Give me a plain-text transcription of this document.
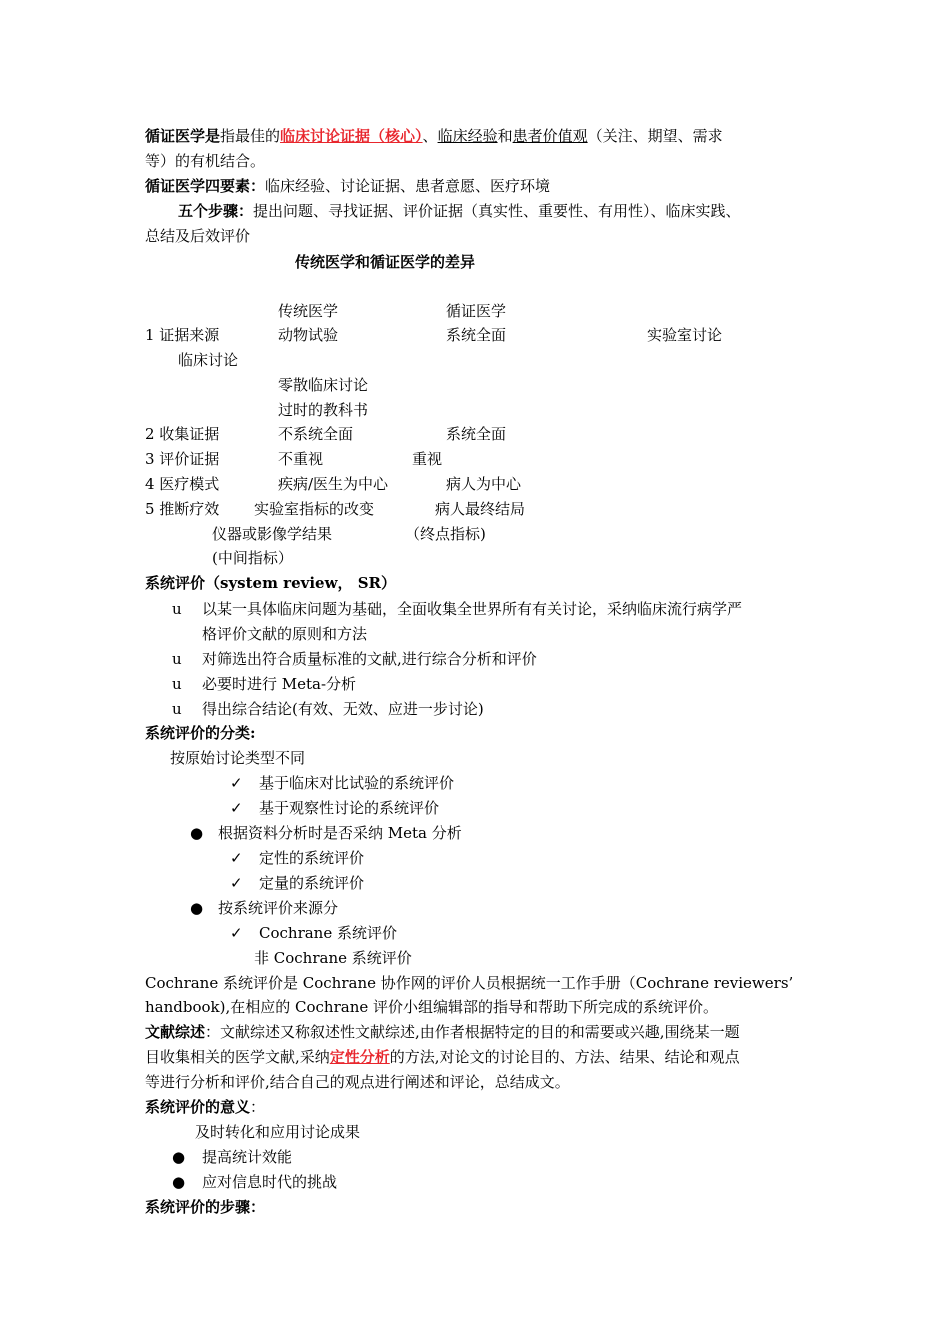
循证医学是指最佳的临床讨论证据（核心）、临床经验和患者价值观（关注、期望、需求
等）的有机结合。
循证医学四要素：临床经验、讨论证据、患者意愿、医疗环境
五个步骤：提出问题、寻找证据、评价证据（真实性、重要性、有用性）、临床实践、
总结及后效评价
传统医学和循证医学的差异
传统医学	循证医学
1 证据来源	动物试验	系统全面	实验室讨论
临床讨论
零散临床讨论
过时的教科书
2 收集证据	不系统全面	系统全面
3 评价证据	不重视	重视
4 医疗模式	疾病/医生为中心	病人为中心
5 推断疗效 实验室指标的改变	病人最终结局
仪器或影像学结果	（终点指标)
(中间指标）
系统评价（system review， SR）
u 以某一具体临床问题为基础，全面收集全世界所有有关讨论，采纳临床流行病学严
格评价文献的原则和方法
u 对筛选出符合质量标准的文献,进行综合分析和评价
u 必要时进行 Meta-分析
u 得出综合结论(有效、无效、应进一步讨论)
系统评价的分类:
按原始讨论类型不同
✓ 基于临床对比试验的系统评价
✓ 基于观察性讨论的系统评价
● 根据资料分析时是否采纳 Meta 分析
✓ 定性的系统评价
✓ 定量的系统评价
● 按系统评价来源分
✓ Cochrane 系统评价
非 Cochrane 系统评价
Cochrane 系统评价是 Cochrane 协作网的评价人员根据统一工作手册（Cochrane reviewers’
handbook),在相应的 Cochrane 评价小组编辑部的指导和帮助下所完成的系统评价。
文献综述：文献综述又称叙述性文献综述,由作者根据特定的目的和需要或兴趣,围绕某一题
目收集相关的医学文献,采纳定性分析的方法,对论文的讨论目的、方法、结果、结论和观点
等进行分析和评价,结合自己的观点进行阐述和评论，总结成文。
系统评价的意义：
及时转化和应用讨论成果
● 提高统计效能
● 应对信息时代的挑战
系统评价的步骤：
